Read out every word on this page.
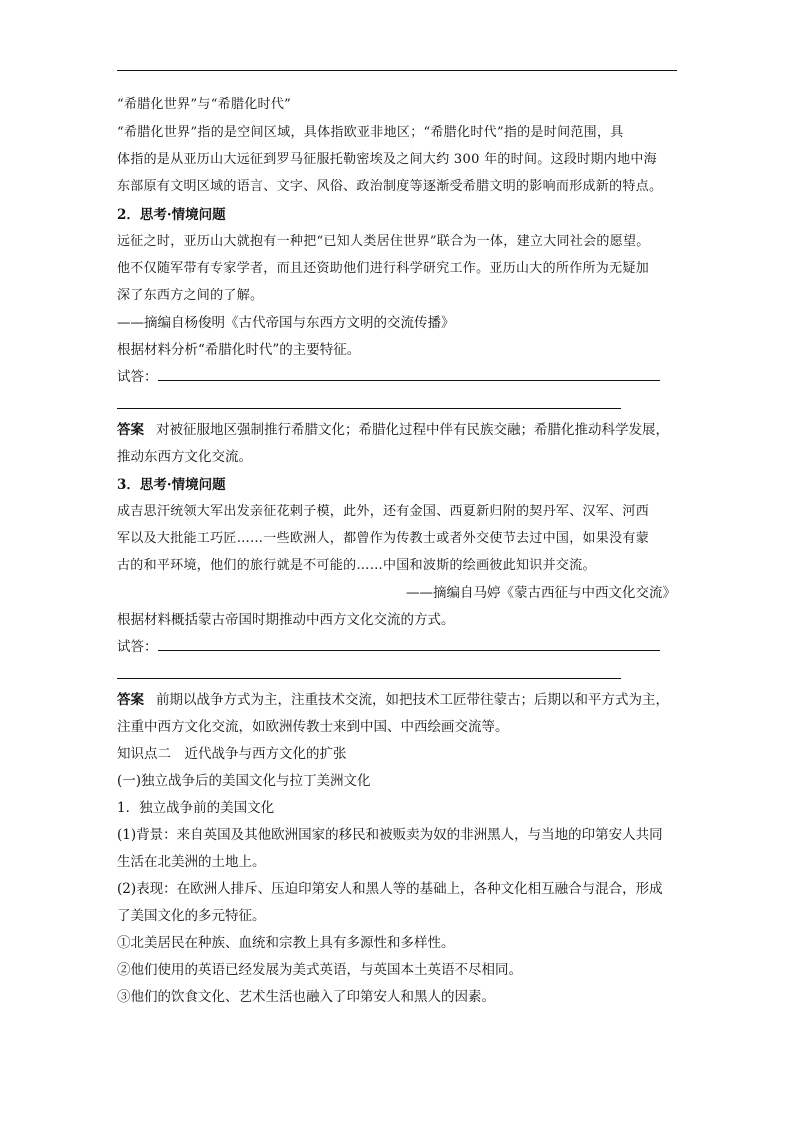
“希腊化世界”与“希腊化时代”
“希腊化世界”指的是空间区域，具体指欧亚非地区；“希腊化时代”指的是时间范围，具
体指的是从亚历山大远征到罗马征服托勒密埃及之间大约 300 年的时间。这段时期内地中海
东部原有文明区域的语言、文字、风俗、政治制度等逐渐受希腊文明的影响而形成新的特点。
2．思考·情境问题
远征之时，亚历山大就抱有一种把“已知人类居住世界”联合为一体，建立大同社会的愿望。
他不仅随军带有专家学者，而且还资助他们进行科学研究工作。亚历山大的所作所为无疑加
深了东西方之间的了解。
——摘编自杨俊明《古代帝国与东西方文明的交流传播》
根据材料分析“希腊化时代”的主要特征。
试答：
答案 对被征服地区强制推行希腊文化；希腊化过程中伴有民族交融；希腊化推动科学发展，
推动东西方文化交流。
3．思考·情境问题
成吉思汗统领大军出发亲征花剌子模，此外，还有金国、西夏新归附的契丹军、汉军、河西
军以及大批能工巧匠……一些欧洲人，都曾作为传教士或者外交使节去过中国，如果没有蒙
古的和平环境，他们的旅行就是不可能的……中国和波斯的绘画彼此知识并交流。
——摘编自马婷《蒙古西征与中西文化交流》
根据材料概括蒙古帝国时期推动中西方文化交流的方式。
试答：
答案 前期以战争方式为主，注重技术交流，如把技术工匠带往蒙古；后期以和平方式为主，
注重中西方文化交流，如欧洲传教士来到中国、中西绘画交流等。
知识点二　近代战争与西方文化的扩张
(一)独立战争后的美国文化与拉丁美洲文化
1．独立战争前的美国文化
(1)背景：来自英国及其他欧洲国家的移民和被贩卖为奴的非洲黑人，与当地的印第安人共同
生活在北美洲的土地上。
(2)表现：在欧洲人排斥、压迫印第安人和黑人等的基础上，各种文化相互融合与混合，形成
了美国文化的多元特征。
①北美居民在种族、血统和宗教上具有多源性和多样性。
②他们使用的英语已经发展为美式英语，与英国本土英语不尽相同。
③他们的饮食文化、艺术生活也融入了印第安人和黑人的因素。
